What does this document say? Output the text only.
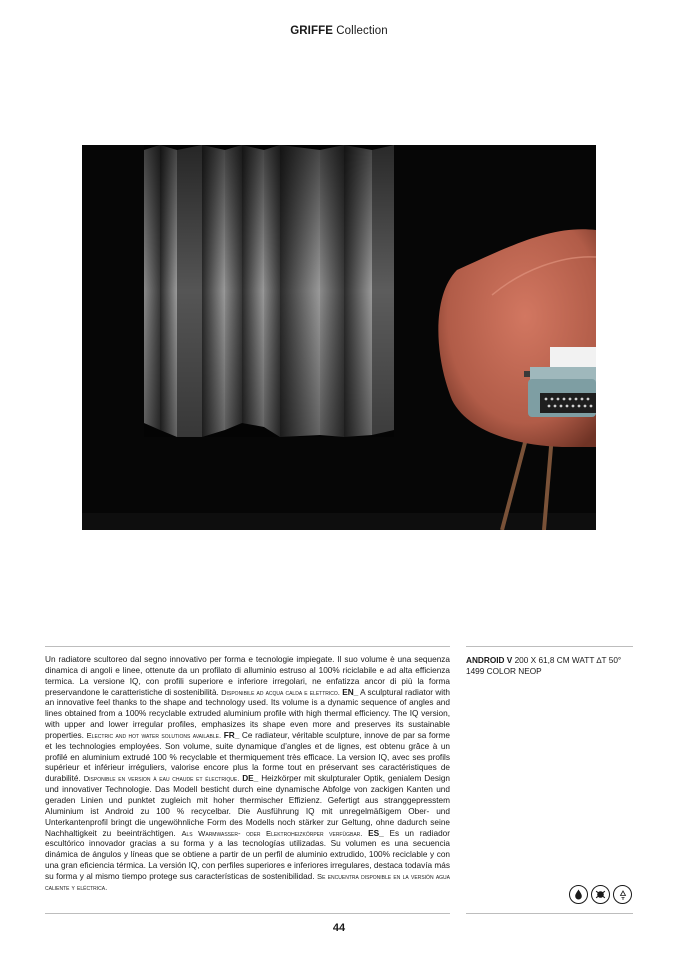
GRIFFE Collection
Un radiatore scultoreo dal segno innovativo per forma e tecnologie impiegate. Il suo volume è una sequenza dinamica di angoli e linee, ottenute da un profilato di alluminio estruso al 100% riciclabile e ad alta efficienza termica. La versione IQ, con profili superiore e inferiore irregolari, ne enfatizza ancor di più la forma preservandone le caratteristiche di sostenibilità. Disponibile ad acqua calda e elettrico. EN_ A sculptural radiator with an innovative feel thanks to the shape and technology used. Its volume is a dynamic sequence of angles and lines obtained from a 100% recyclable extruded aluminium profile with high thermal efficiency. The IQ version, with upper and lower irregular profiles, emphasizes its shape even more and preserves its sustainable properties. Electric and hot water solutions available. FR_ Ce radiateur, véritable sculpture, innove de par sa forme et les technologies employées. Son volume, suite dynamique d’angles et de lignes, est obtenu grâce à un profilé en aluminium extrudé 100 % recyclable et thermiquement très efficace. La version IQ, avec ses profils supérieur et inférieur irréguliers, valorise encore plus la forme tout en préservant ses caractéristiques de durabilité. Disponible en version à eau chaude et électrique. DE_ Heizkörper mit skulpturaler Optik, genialem Design und innovativer Technologie. Das Modell besticht durch eine dynamische Abfolge von zackigen Kanten und geraden Linien und punktet zugleich mit hoher thermischer Effizienz. Gefertigt aus stranggepresstem Aluminium ist Android zu 100 % recycelbar. Die Ausführung IQ mit unregelmäßigem Ober- und Unterkantenprofil bringt die ungewöhnliche Form des Modells noch stärker zur Geltung, ohne dadurch seine Nachhaltigkeit zu beeinträchtigen. Als Warmwasser- oder Elektroheizkörper verfügbar. ES_ Es un radiador escultórico innovador gracias a su forma y a las tecnologías utilizadas. Su volumen es una secuencia dinámica de ángulos y líneas que se obtiene a partir de un perfil de aluminio extrudido, 100% reciclable y con una gran eficiencia térmica. La versión IQ, con perfiles superiores e inferiores irregulares, destaca todavía más su forma y al mismo tiempo protege sus características de sostenibilidad. Se encuentra disponible en la versión agua caliente y eléctrica.
ANDROID V 200 X 61,8 CM WATT ∆T 50°
1499 COLOR NEOP
44
